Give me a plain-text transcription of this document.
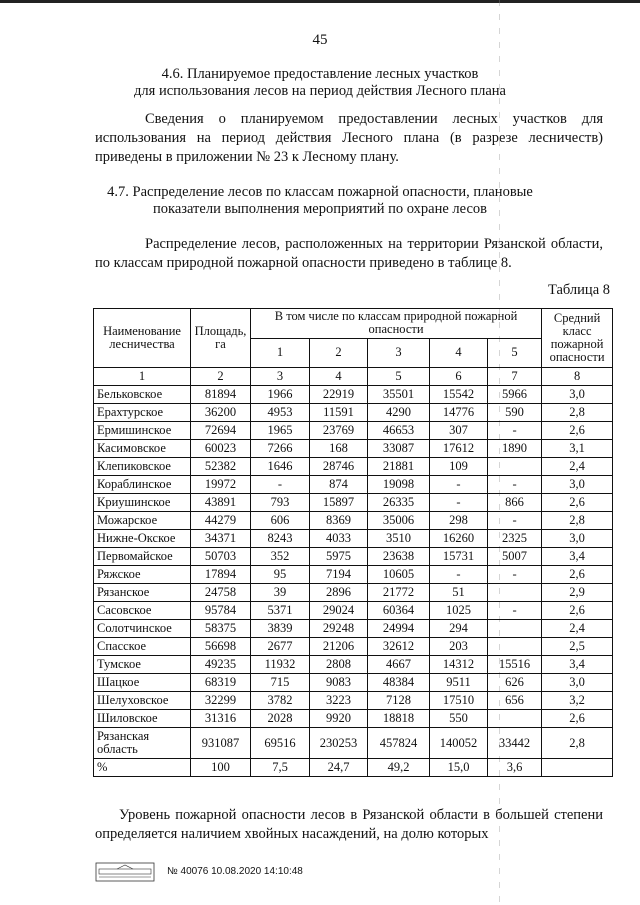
45
4.6. Планируемое предоставление лесных участков
для использования лесов на период действия Лесного плана
Сведения о планируемом предоставлении лесных участков для использования на период действия Лесного плана (в разрезе лесничеств) приведены в приложении № 23 к Лесному плану.
4.7. Распределение лесов по классам пожарной опасности, плановые
показатели выполнения мероприятий по охране лесов
Распределение лесов, расположенных на территории Рязанской области, по классам природной пожарной опасности приведено в таблице 8.
Таблица 8
Наименование лесничества	Площадь, га	В том числе по классам природной пожарной опасности					Средний класс пожарной опасности
		1	2	3	4	5	
1	2	3	4	5	6	7	8
Бельковское	81894	1966	22919	35501	15542	5966	3,0
Ерахтурское	36200	4953	11591	4290	14776	590	2,8
Ермишинское	72694	1965	23769	46653	307	-	2,6
Касимовское	60023	7266	168	33087	17612	1890	3,1
Клепиковское	52382	1646	28746	21881	109		2,4
Кораблинское	19972	-	874	19098	-	-	3,0
Криушинское	43891	793	15897	26335	-	866	2,6
Можарское	44279	606	8369	35006	298	-	2,8
Нижне-Окское	34371	8243	4033	3510	16260	2325	3,0
Первомайское	50703	352	5975	23638	15731	5007	3,4
Ряжское	17894	95	7194	10605	-	-	2,6
Рязанское	24758	39	2896	21772	51		2,9
Сасовское	95784	5371	29024	60364	1025	-	2,6
Солотчинское	58375	3839	29248	24994	294		2,4
Спасское	56698	2677	21206	32612	203		2,5
Тумское	49235	11932	2808	4667	14312	15516	3,4
Шацкое	68319	715	9083	48384	9511	626	3,0
Шелуховское	32299	3782	3223	7128	17510	656	3,2
Шиловское	31316	2028	9920	18818	550		2,6
Рязанская область	931087	69516	230253	457824	140052	33442	2,8
%	100	7,5	24,7	49,2	15,0	3,6	
Уровень пожарной опасности лесов в Рязанской области в большей степени определяется наличием хвойных насаждений, на долю которых
№ 40076 10.08.2020 14:10:48
